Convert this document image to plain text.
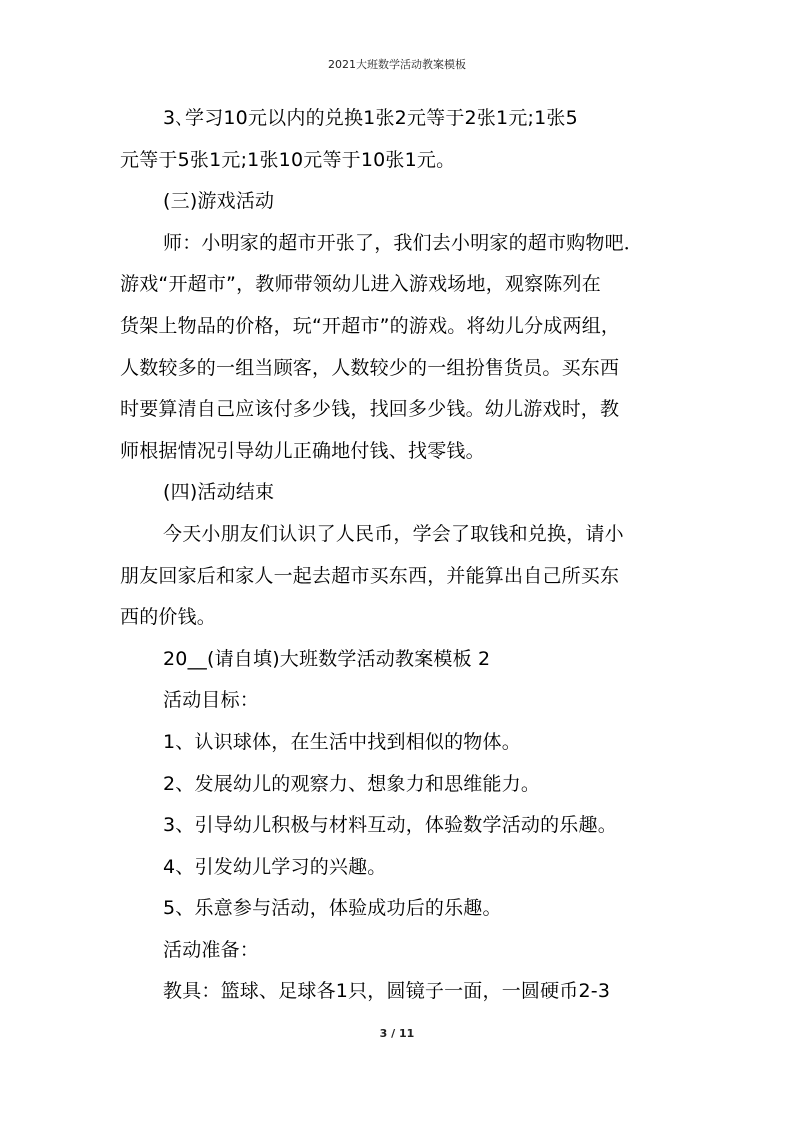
2021大班数学活动教案模板
3､学习10元以内的兑换1张2元等于2张1元;1张5
元等于5张1元;1张10元等于10张1元。
(三)游戏活动
师：小明家的超市开张了，我们去小明家的超市购物吧．
游戏“开超市”，教师带领幼儿进入游戏场地，观察陈列在
货架上物品的价格，玩“开超市”的游戏。将幼儿分成两组，
人数较多的一组当顾客，人数较少的一组扮售货员。买东西
时要算清自己应该付多少钱，找回多少钱。幼儿游戏时，教
师根据情况引导幼儿正确地付钱、找零钱。
(四)活动结束
今天小朋友们认识了人民币，学会了取钱和兑换，请小
朋友回家后和家人一起去超市买东西，并能算出自己所买东
西的价钱。
20__(请自填)大班数学活动教案模板 2
活动目标：
1、认识球体，在生活中找到相似的物体。
2、发展幼儿的观察力、想象力和思维能力。
3、引导幼儿积极与材料互动，体验数学活动的乐趣。
4、引发幼儿学习的兴趣。
5、乐意参与活动，体验成功后的乐趣。
活动准备：
教具：篮球、足球各1只，圆镜子一面，一圆硬币2-3
3 / 11
